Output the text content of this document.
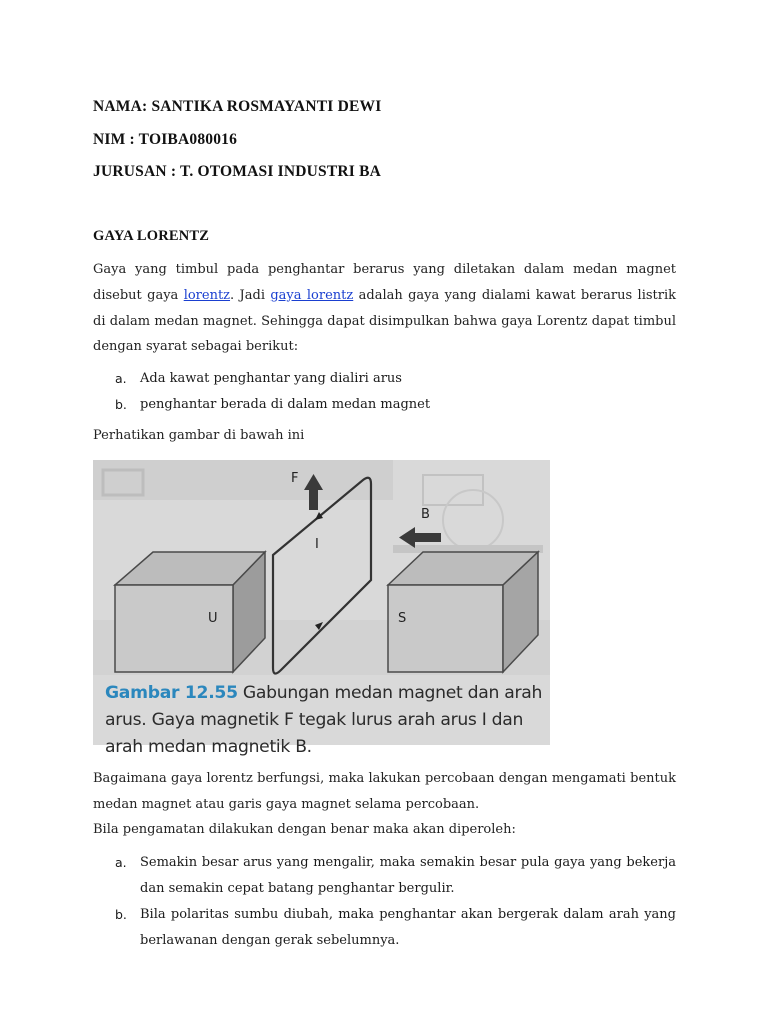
NAMA: SANTIKA ROSMAYANTI DEWI
NIM : TOIBA080016
JURUSAN : T. OTOMASI INDUSTRI BA
GAYA LORENTZ
Gaya yang timbul pada penghantar berarus yang diletakan dalam medan magnet disebut gaya lorentz. Jadi gaya lorentz adalah gaya yang dialami kawat berarus listrik di dalam medan magnet. Sehingga dapat disimpulkan bahwa gaya Lorentz dapat timbul dengan syarat sebagai berikut:
a. Ada kawat penghantar yang dialiri arus
b. penghantar berada di dalam medan magnet
Perhatikan gambar di bawah ini
F
B
I
U	S
Gambar 12.55 Gabungan medan magnet dan arah arus. Gaya magnetik F tegak lurus arah arus I dan arah medan magnetik B.
Bagaimana gaya lorentz berfungsi, maka lakukan percobaan dengan mengamati bentuk medan magnet atau garis gaya magnet selama percobaan.
Bila pengamatan dilakukan dengan benar maka akan diperoleh:
a. Semakin besar arus yang mengalir, maka semakin besar pula gaya yang bekerja dan semakin cepat batang penghantar bergulir.
b. Bila polaritas sumbu diubah, maka penghantar akan bergerak dalam arah yang berlawanan dengan gerak sebelumnya.
